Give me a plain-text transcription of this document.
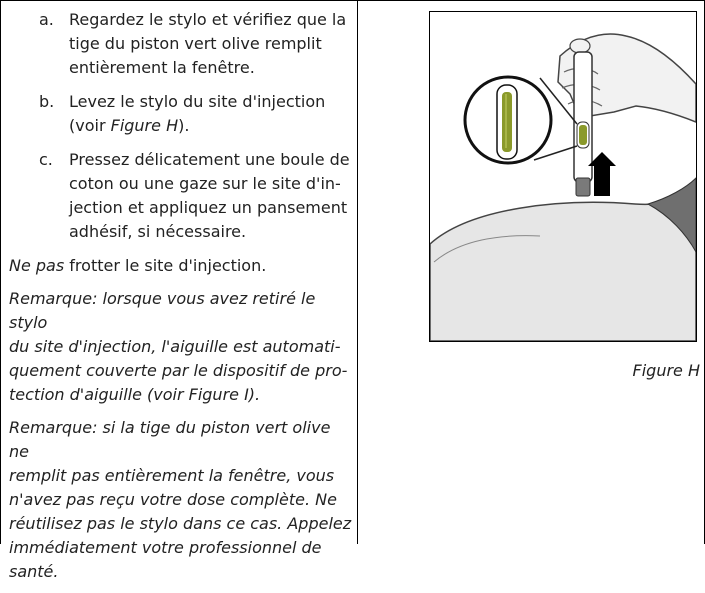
a. Regardez le stylo et vérifiez que la
tige du piston vert olive remplit
entièrement la fenêtre.
b. Levez le stylo du site d'injection
(voir Figure H).
c. Pressez délicatement une boule de
coton ou une gaze sur le site d'in-
jection et appliquez un pansement
adhésif, si nécessaire.
Ne pas frotter le site d'injection.
Remarque: lorsque vous avez retiré le stylo
du site d'injection, l'aiguille est automati-
quement couverte par le dispositif de pro-
tection d'aiguille (voir Figure I).
Remarque: si la tige du piston vert olive ne
remplit pas entièrement la fenêtre, vous
n'avez pas reçu votre dose complète. Ne
réutilisez pas le stylo dans ce cas. Appelez
immédiatement votre professionnel de
santé.
Figure H
